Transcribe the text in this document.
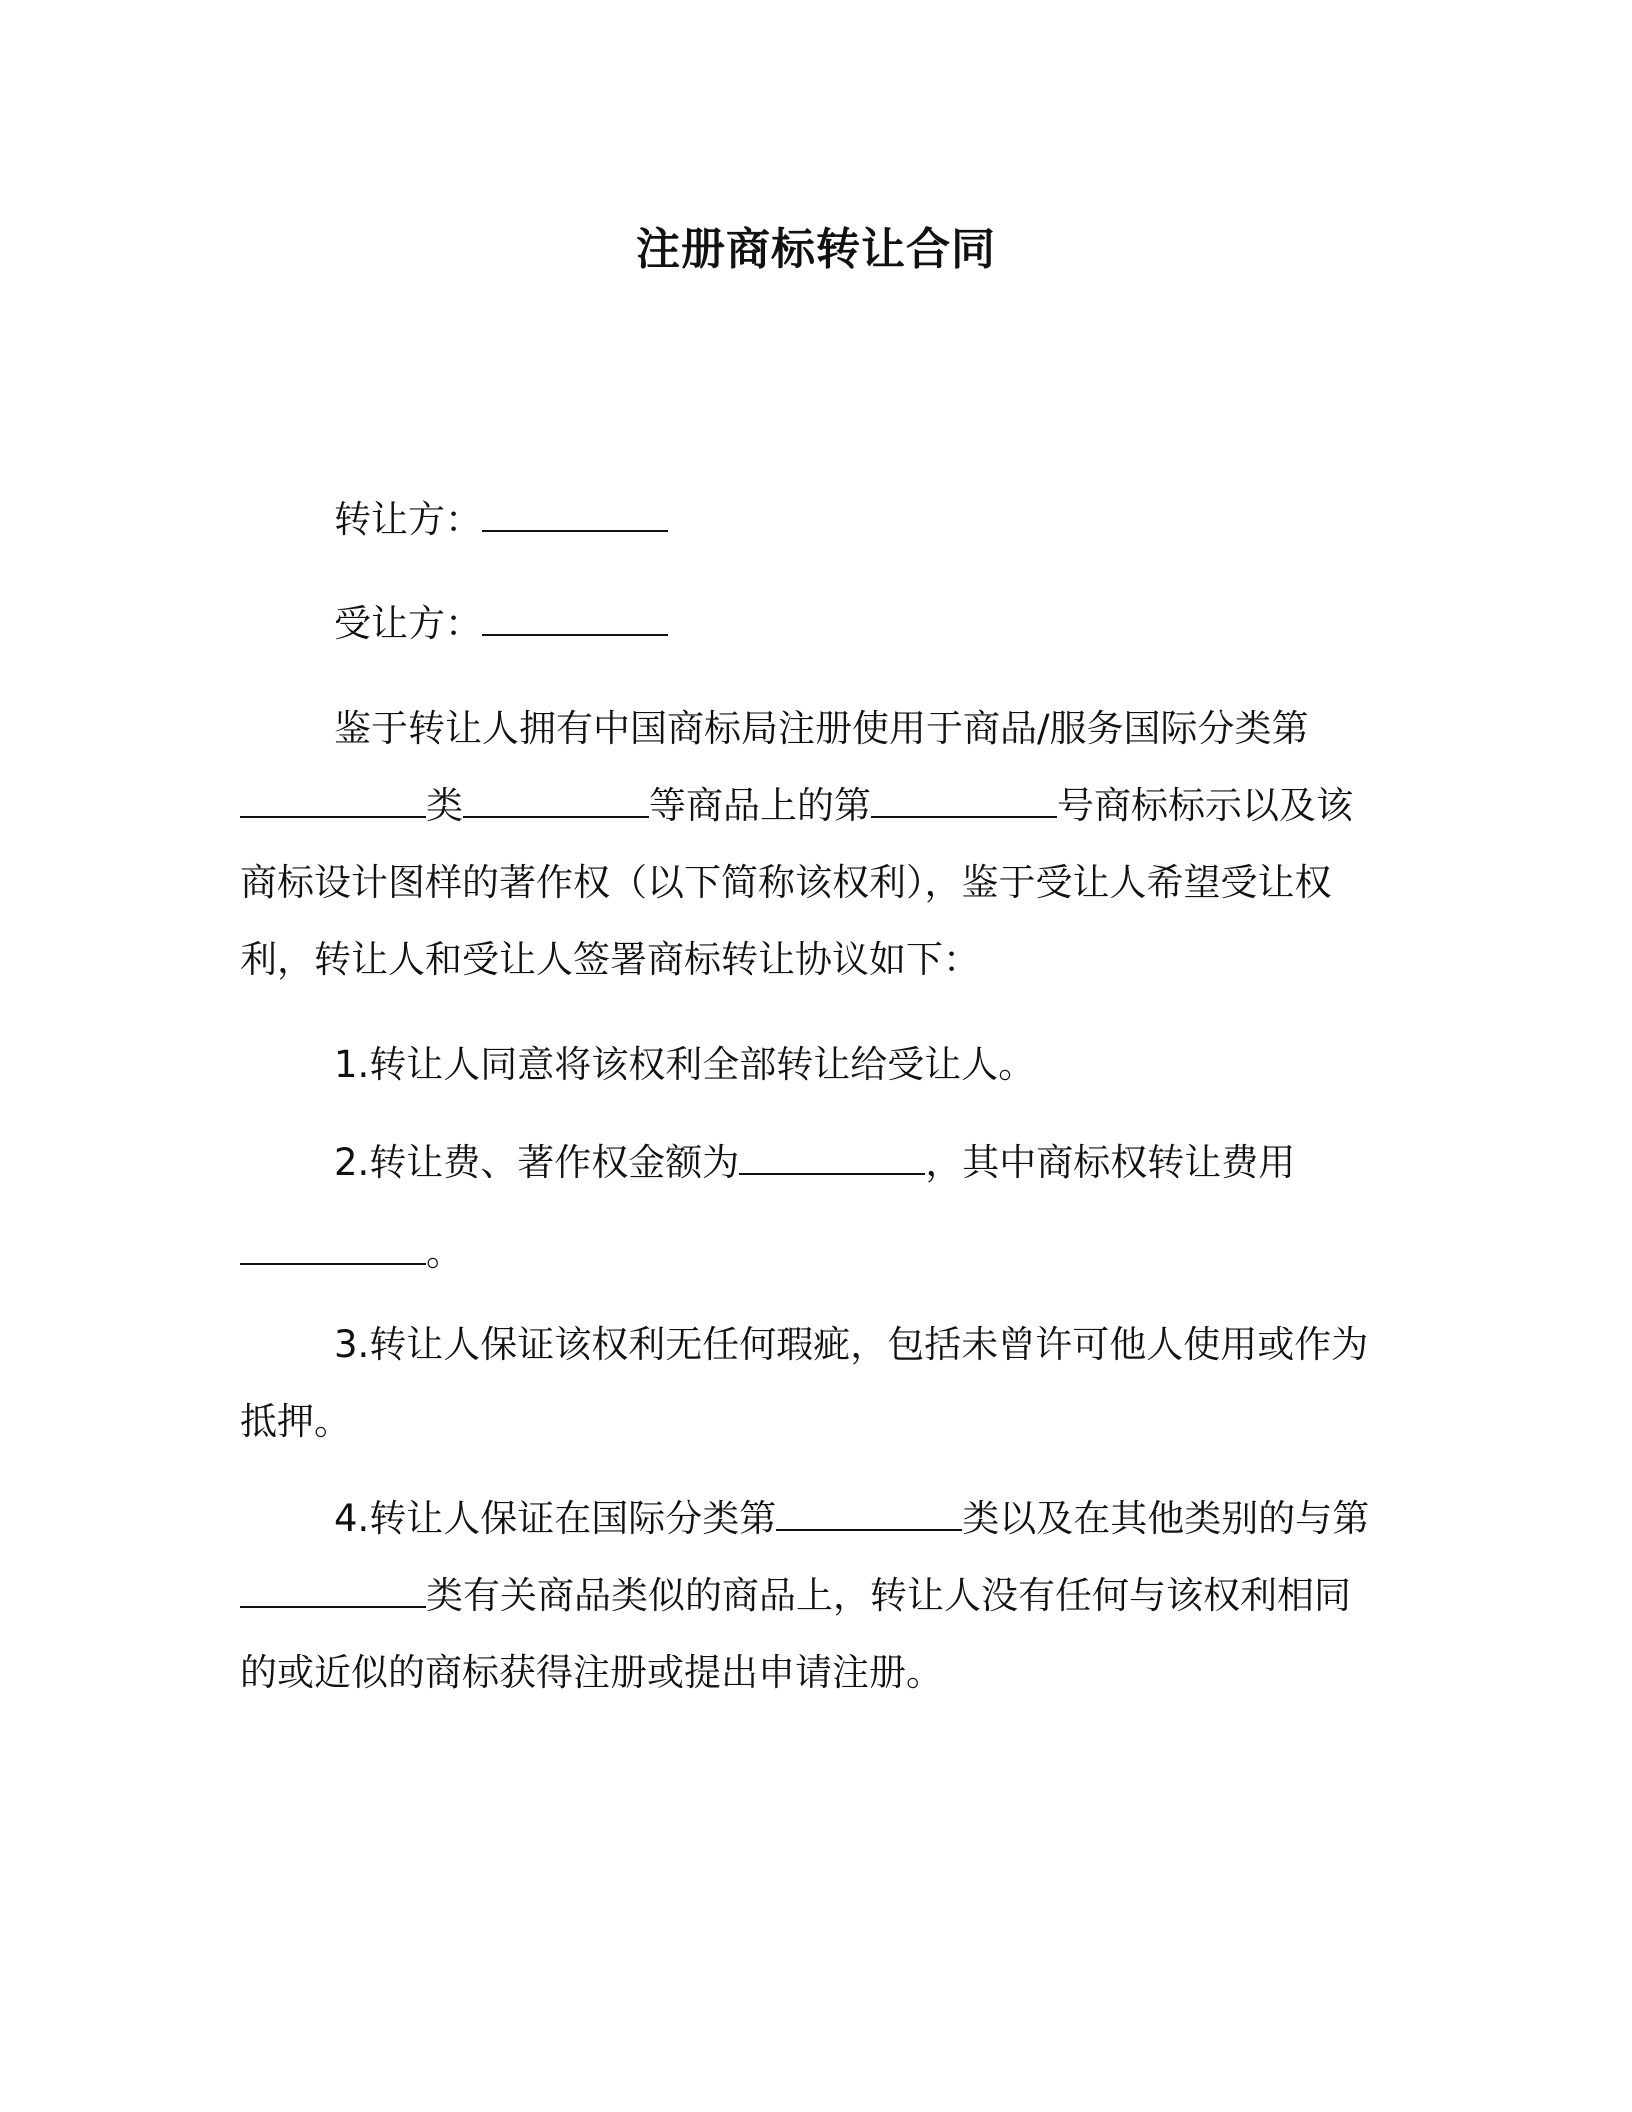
注册商标转让合同
转让方：
受让方：
鉴于转让人拥有中国商标局注册使用于商品/服务国际分类第
类	等商品上的第	号商标标示以及该
商标设计图样的著作权（以下简称该权利），鉴于受让人希望受让权
利，转让人和受让人签署商标转让协议如下：
1.转让人同意将该权利全部转让给受让人。
2.转让费、著作权金额为	，其中商标权转让费用
。
3.转让人保证该权利无任何瑕疵，包括未曾许可他人使用或作为
抵押。
4.转让人保证在国际分类第	类以及在其他类别的与第
类有关商品类似的商品上，转让人没有任何与该权利相同
的或近似的商标获得注册或提出申请注册。
